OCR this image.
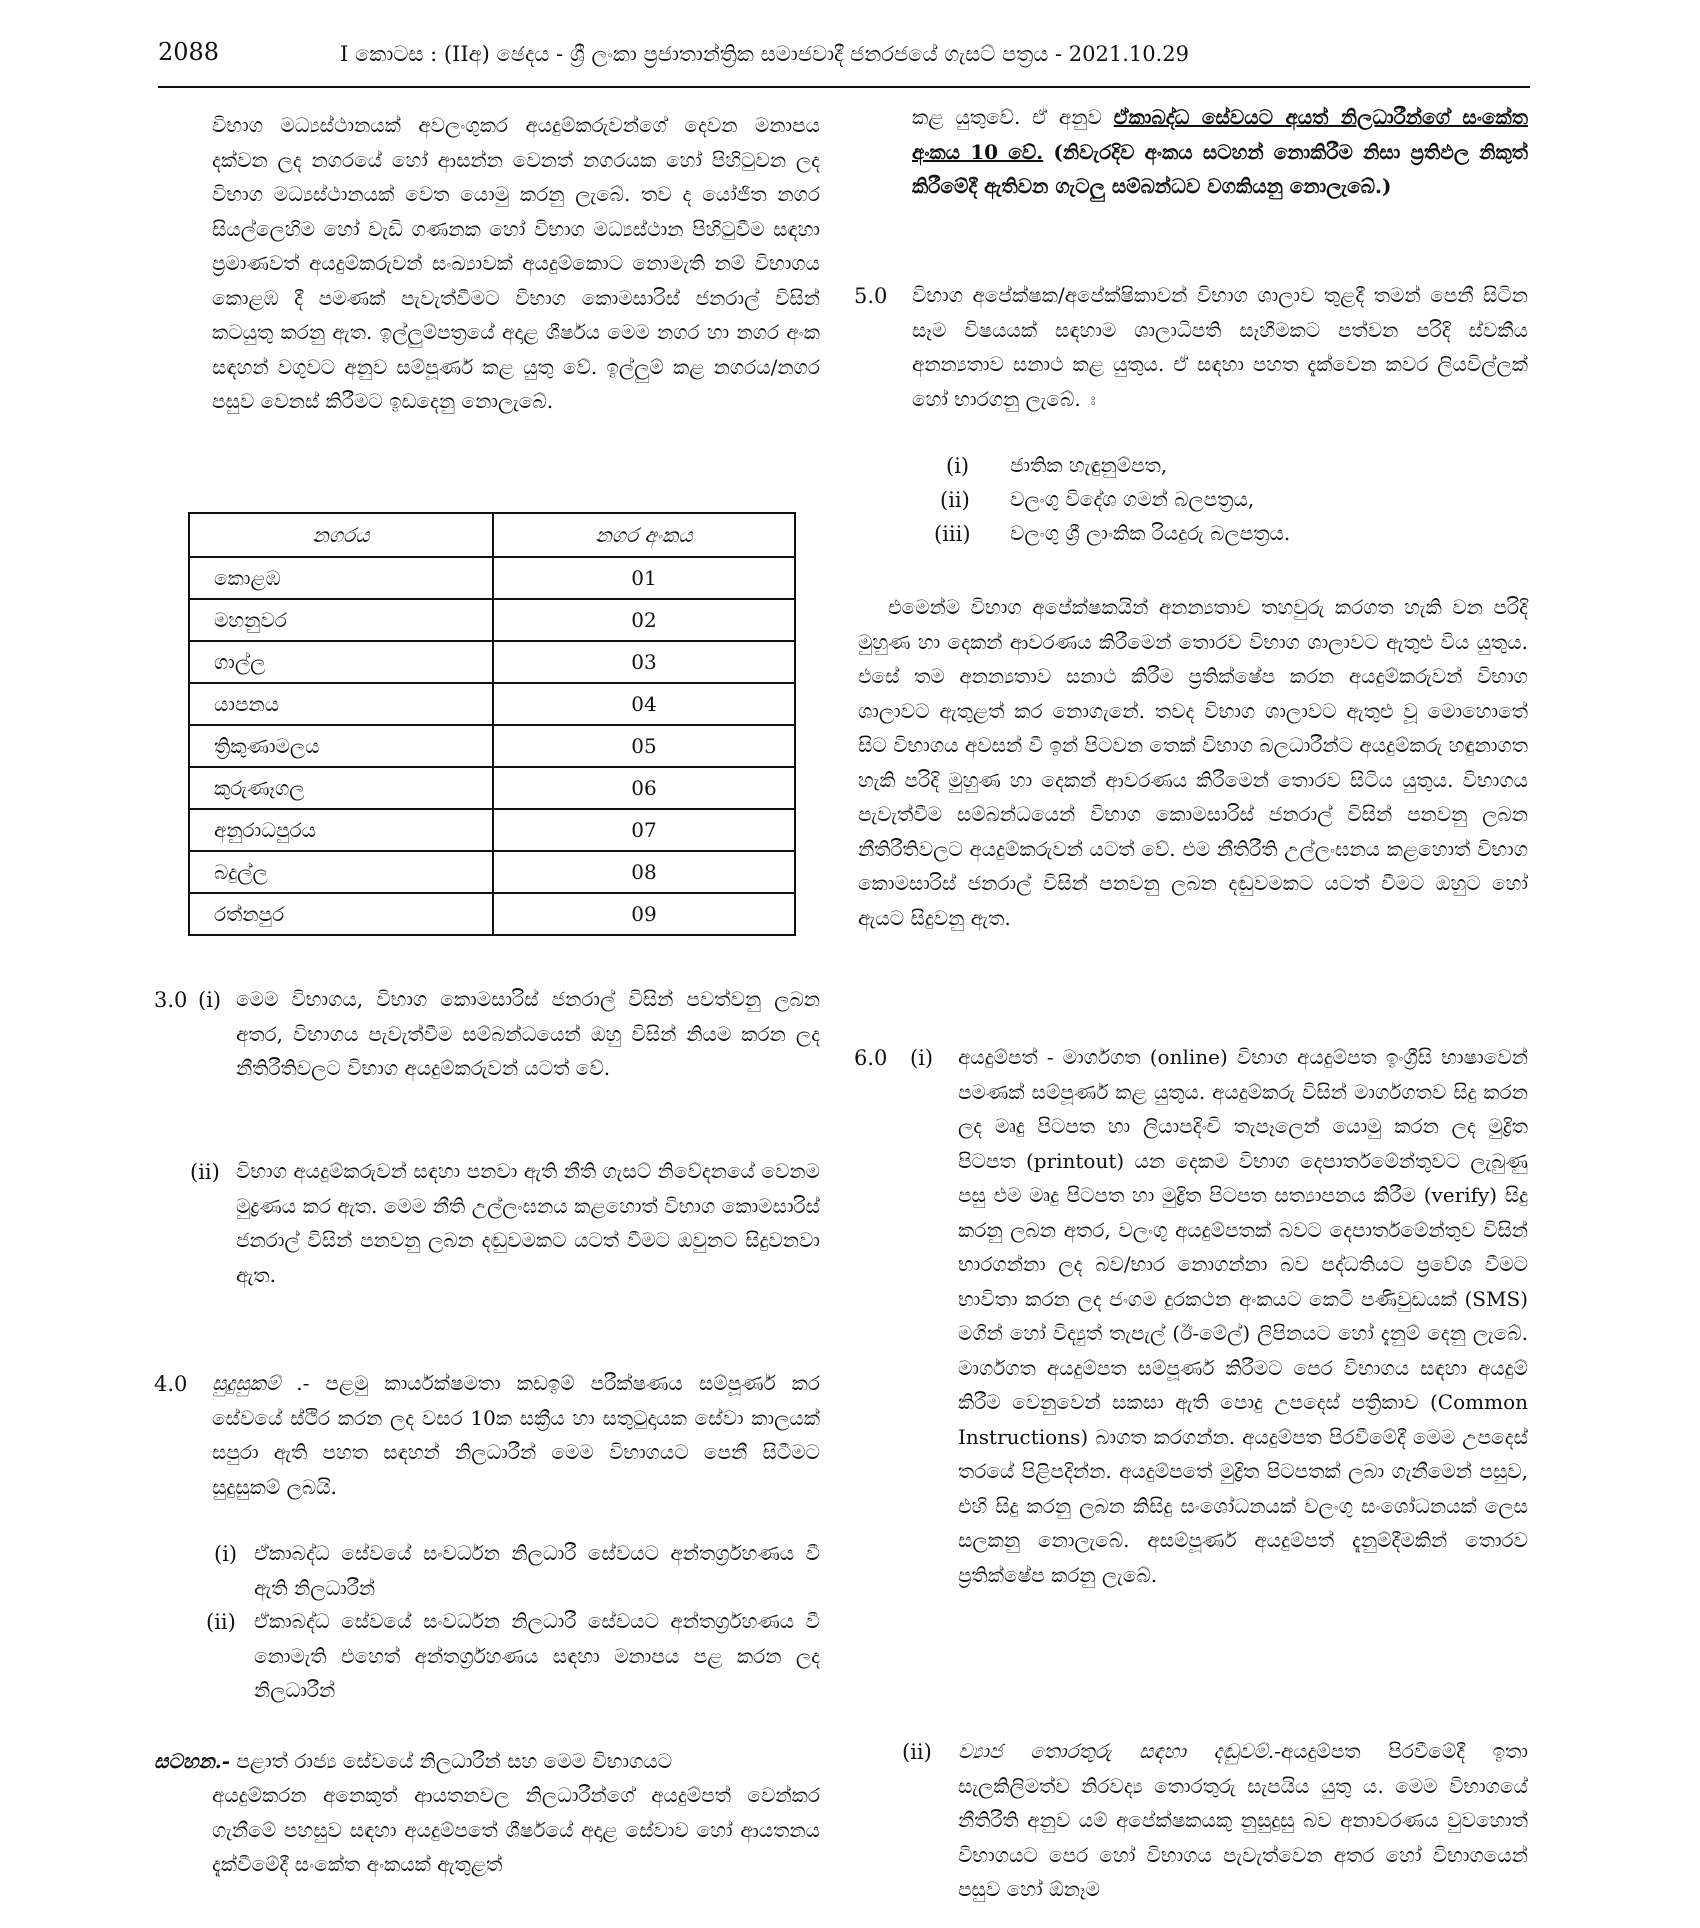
2088	I කොටස : (IIඅ) ඡෙදය - ශ්‍රී ලංකා ප්‍රජාතාන්ත්‍රික සමාජවාදී ජනරජයේ ගැසට් පත්‍රය - 2021.10.29
විභාග මධ්‍යස්ථානයක් අවලංගුකර අයදුම්කරුවන්ගේ දෙවන මනාපය දක්වන ලද නගරයේ හෝ ආසන්න වෙනත් නගරයක හෝ පිහිටුවන ලද විභාග මධ්‍යස්ථානයක් වෙත යොමු කරනු ලැබේ. තව ද යෝජිත නගර සියල්ලෙහිම හෝ වැඩි ගණනක හෝ විභාග මධ්‍යස්ථාන පිහිටුවීම සඳහා ප්‍රමාණවත් අයදුම්කරුවන් සංඛ්‍යාවක් අයදුම්කොට නොමැති නම් විභාගය කොළඹ දී පමණක් පැවැත්වීමට විභාග කොමසාරිස් ජනරාල් විසින් කටයුතු කරනු ඇත. ඉල්ලුම්පත්‍රයේ අදාළ ශීර්ෂය මෙම නගර හා නගර අංක සඳහන් වගුවට අනුව සම්පූර්ණ කළ යුතු වේ. ඉල්ලුම් කළ නගරය/නගර පසුව වෙනස් කිරීමට ඉඩදෙනු නොලැබේ.
නගරය	නගර අංකය
කොළඹ	01
මහනුවර	02
ගාල්ල	03
යාපනය	04
ත්‍රිකුණාමලය	05
කුරුණෑගල	06
අනුරාධපුරය	07
බදුල්ල	08
රත්නපුර	09
3.0 (i) මෙම විභාගය, විභාග කොමසාරිස් ජනරාල් විසින් පවත්වනු ලබන අතර, විභාගය පැවැත්වීම සම්බන්ධයෙන් ඔහු විසින් නියම කරන ලද නීතිරීතිවලට විභාග අයදුම්කරුවන් යටත් වේ.
(ii) විභාග අයදුම්කරුවන් සඳහා පනවා ඇති නීති ගැසට් නිවේදනයේ වෙනම මුද්‍රණය කර ඇත. මෙම නීති උල්ලංඝනය කළහොත් විභාග කොමසාරිස් ජනරාල් විසින් පනවනු ලබන දඬුවමකට යටත් වීමට ඔවුනට සිදුවනවා ඇත.
4.0 සුදුසුකම් .- පළමු කාර්යක්ෂමතා කඩඉම් පරීක්ෂණය සම්පූර්ණ කර සේවයේ ස්ථිර කරන ලද වසර 10ක සක්‍රීය හා සතුටුදායක සේවා කාලයක් සපුරා ඇති පහත සඳහන් නිලධාරීන් මෙම විභාගයට පෙනී සිටීමට සුදුසුකම් ලබයි.
(i) ඒකාබද්ධ සේවයේ සංවර්ධන නිලධාරී සේවයට අන්තර්ග්‍රහණය වී ඇති නිලධාරීන්
(ii) ඒකාබද්ධ සේවයේ සංවර්ධන නිලධාරී සේවයට අන්තර්ග්‍රහණය වී නොමැති එහෙත් අන්තර්ග්‍රහණය සඳහා මනාපය පළ කරන ලද නිලධාරීන්
සටහන.- පළාත් රාජ්‍ය සේවයේ නිලධාරීන් සහ මෙම විභාගයට
අයදුම්කරන අනෙකුත් ආයතනවල නිලධාරීන්ගේ අයදුම්පත් වෙන්කර ගැනීමේ පහසුව සඳහා අයදුම්පතේ ශීර්ෂයේ අදාළ සේවාව හෝ ආයතනය දැක්වීමේදී සංකේත අංකයක් ඇතුළත්
කළ යුතුවේ. ඒ අනුව ඒකාබද්ධ සේවයට අයත් නිලධාරීන්ගේ සංකේත අංකය 10 වේ. (නිවැරදිව අංකය සටහන් නොකිරීම නිසා ප්‍රතිඵල නිකුත් කිරීමේදී ඇතිවන ගැටලු සම්බන්ධව වගකියනු නොලැබේ.)
5.0 විභාග අපේක්ෂක/අපේක්ෂිකාවන් විභාග ශාලාව තුළදී තමන් පෙනී සිටින සෑම විෂයයක් සඳහාම ශාලාධිපති සෑහීමකට පත්වන පරිදි ස්වකීය අනන්‍යතාව සනාථ කළ යුතුය. ඒ සඳහා පහත දැක්වෙන කවර ලියවිල්ලක් හෝ භාරගනු ලැබේ. ඃ
(i) ජාතික හැඳුනුම්පත,
(ii) වලංගු විදේශ ගමන් බලපත්‍රය,
(iii) වලංගු ශ්‍රී ලාංකික රියදුරු බලපත්‍රය.
එමෙන්ම විභාග අපේක්ෂකයින් අනන්‍යතාව තහවුරු කරගත හැකි වන පරිදි මුහුණ හා දෙකන් ආවරණය කිරීමෙන් තොරව විභාග ශාලාවට ඇතුළු විය යුතුය. එසේ තම අනන්‍යතාව සනාථ කිරීම ප්‍රතික්ෂේප කරන අයදුම්කරුවන් විභාග ශාලාවට ඇතුළත් කර නොගැනේ. තවද විභාග ශාලාවට ඇතුළු වූ මොහොතේ සිට විභාගය අවසන් වී ඉන් පිටවන තෙක් විභාග බලධාරීන්ට අයදුම්කරු හඳුනාගත හැකි පරිදි මුහුණ හා දෙකන් ආවරණය කිරීමෙන් තොරව සිටිය යුතුය. විභාගය පැවැත්වීම සම්බන්ධයෙන් විභාග කොමසාරිස් ජනරාල් විසින් පනවනු ලබන නීතිරීතිවලට අයදුම්කරුවන් යටත් වේ. එම නීතිරීති උල්ලංඝනය කළහොත් විභාග කොමසාරිස් ජනරාල් විසින් පනවනු ලබන දඬුවමකට යටත් වීමට ඔහුට හෝ ඇයට සිදුවනු ඇත.
6.0 (i) අයදුම්පත් - මාර්ගගත (online) විභාග අයදුම්පත ඉංග්‍රීසි භාෂාවෙන් පමණක් සම්පූර්ණ කළ යුතුය. අයදුම්කරු විසින් මාර්ගගතව සිදු කරන ලද මෘදු පිටපත හා ලියාපදිංචි තැපෑලෙන් යොමු කරන ලද මුද්‍රිත පිටපත (printout) යන දෙකම විභාග දෙපාර්තමේන්තුවට ලැබුණු පසු එම මෘදු පිටපත හා මුද්‍රිත පිටපත සත්‍යාපනය කිරීම (verify) සිදු කරනු ලබන අතර, වලංගු අයදුම්පතක් බවට දෙපාර්තමේන්තුව විසින් භාරගන්නා ලද බව/භාර නොගන්නා බව පද්ධතියට ප්‍රවේශ වීමට භාවිතා කරන ලද ජංගම දුරකථන අංකයට කෙටි පණිවුඩයක් (SMS) මගින් හෝ විද්‍යුත් තැපැල් (ඊ-මේල්) ලිපිනයට හෝ දැනුම් දෙනු ලැබේ. මාර්ගගත අයදුම්පත සම්පූර්ණ කිරීමට පෙර විභාගය සඳහා අයදුම් කිරීම වෙනුවෙන් සකසා ඇති පොදු උපදෙස් පත්‍රිකාව (Common Instructions) බාගත කරගන්න. අයදුම්පත පිරවීමේදී මෙම උපදෙස් තරයේ පිළිපදින්න. අයදුම්පතේ මුද්‍රිත පිටපතක් ලබා ගැනීමෙන් පසුව, එහි සිදු කරනු ලබන කිසිදු සංශෝධනයක් වලංගු සංශෝධනයක් ලෙස සලකනු නොලැබේ. අසම්පූර්ණ අයදුම්පත් දැනුම්දීමකින් තොරව ප්‍රතික්ෂේප කරනු ලැබේ.
(ii) ව්‍යාජ තොරතුරු සඳහා දඬුවම්.-අයදුම්පත පිරවීමේදී ඉතා සැලකිලිමත්ව නිරවද්‍ය තොරතුරු සැපයිය යුතු ය. මෙම විභාගයේ නීතිරීති අනුව යම් අපේක්ෂකයකු නුසුදුසු බව අනාවරණය වුවහොත් විභාගයට පෙර හෝ විභාගය පැවැත්වෙන අතර හෝ විභාගයෙන් පසුව හෝ ඕනෑම
